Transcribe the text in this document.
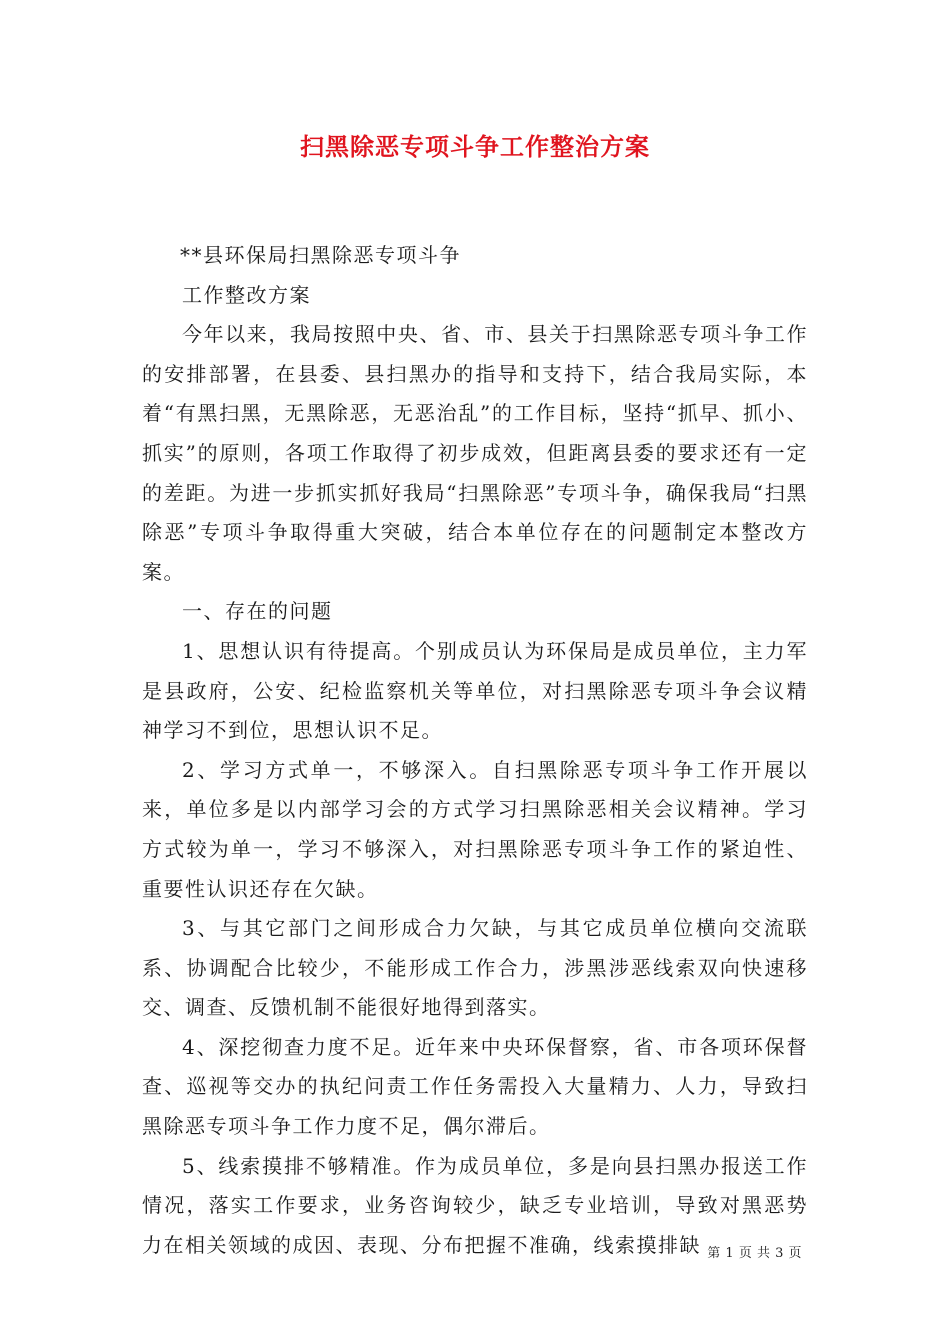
扫黑除恶专项斗争工作整治方案

**县环保局扫黑除恶专项斗争

工作整改方案

今年以来，我局按照中央、省、市、县关于扫黑除恶专项斗争工作的安排部署，在县委、县扫黑办的指导和支持下，结合我局实际，本着“有黑扫黑，无黑除恶，无恶治乱”的工作目标，坚持“抓早、抓小、抓实”的原则，各项工作取得了初步成效，但距离县委的要求还有一定的差距。为进一步抓实抓好我局“扫黑除恶”专项斗争，确保我局“扫黑除恶”专项斗争取得重大突破，结合本单位存在的问题制定本整改方案。

一、存在的问题

1、思想认识有待提高。个别成员认为环保局是成员单位，主力军是县政府，公安、纪检监察机关等单位，对扫黑除恶专项斗争会议精神学习不到位，思想认识不足。

2、学习方式单一，不够深入。自扫黑除恶专项斗争工作开展以来，单位多是以内部学习会的方式学习扫黑除恶相关会议精神。学习方式较为单一，学习不够深入，对扫黑除恶专项斗争工作的紧迫性、重要性认识还存在欠缺。

3、与其它部门之间形成合力欠缺，与其它成员单位横向交流联系、协调配合比较少，不能形成工作合力，涉黑涉恶线索双向快速移交、调查、反馈机制不能很好地得到落实。

4、深挖彻查力度不足。近年来中央环保督察，省、市各项环保督查、巡视等交办的执纪问责工作任务需投入大量精力、人力，导致扫黑除恶专项斗争工作力度不足，偶尔滞后。

5、线索摸排不够精准。作为成员单位，多是向县扫黑办报送工作情况，落实工作要求，业务咨询较少，缺乏专业培训，导致对黑恶势力在相关领域的成因、表现、分布把握不准确，线索摸排缺 第 1 页 共 3 页
